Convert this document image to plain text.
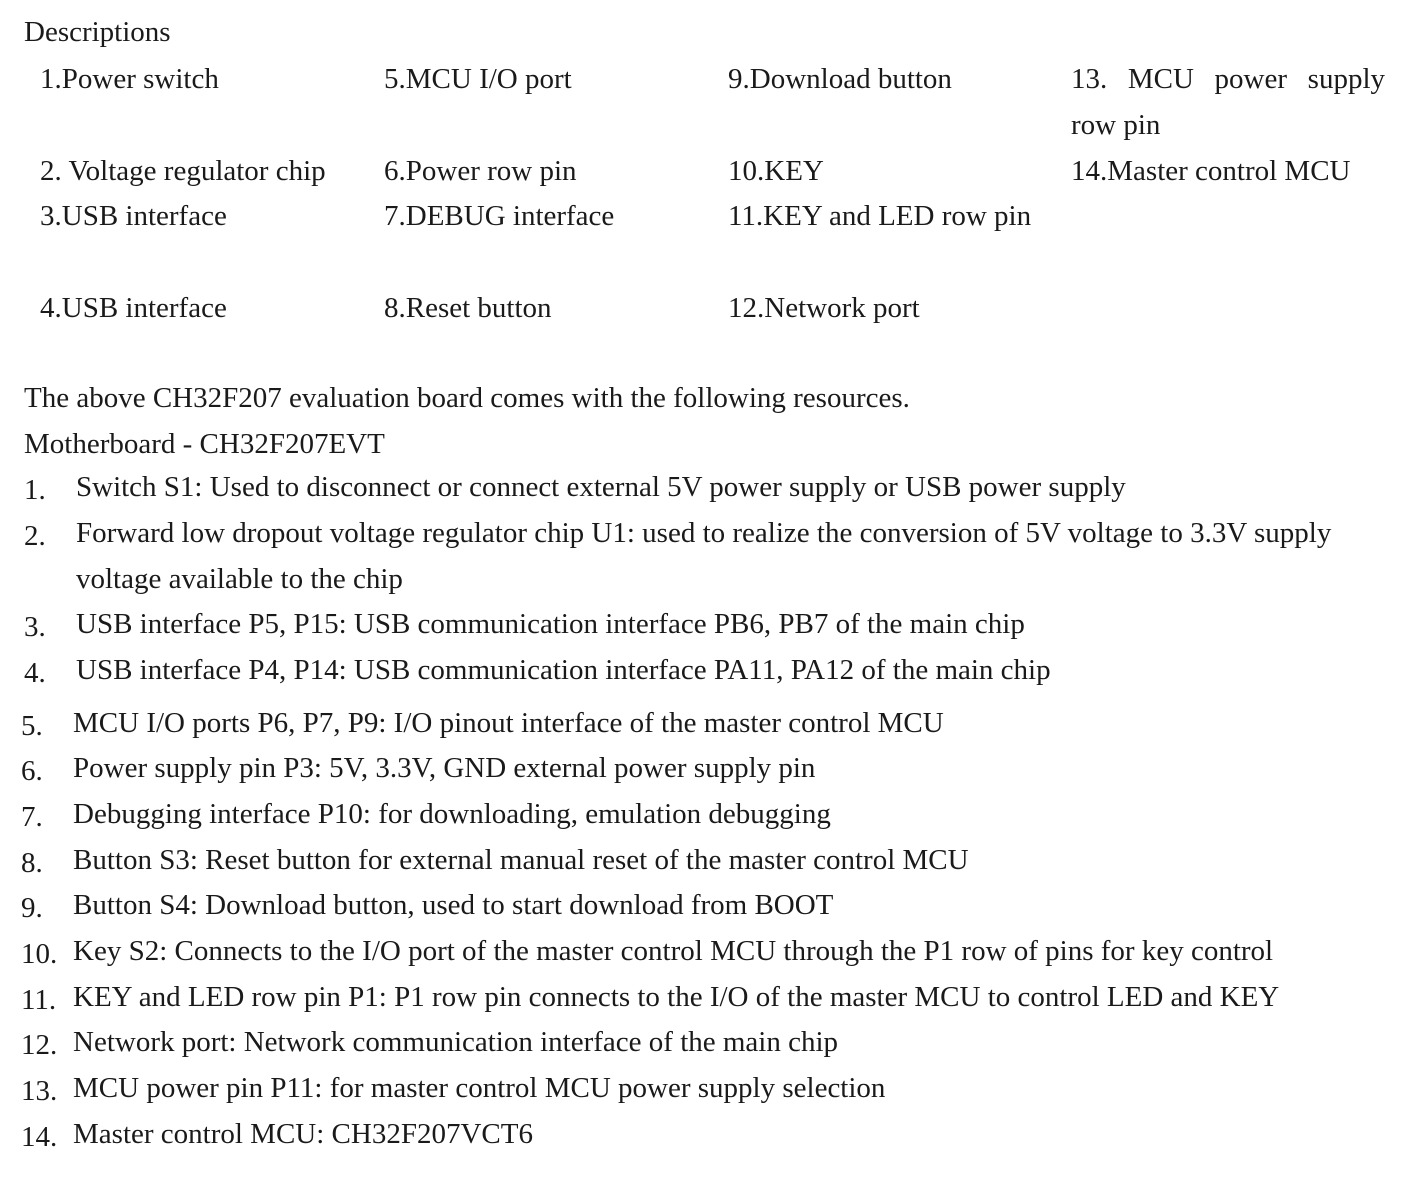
Descriptions
1.Power switch
2. Voltage regulator chip
3.USB interface
4.USB interface
5.MCU I/O port
6.Power row pin
7.DEBUG interface
8.Reset button
9.Download button
10.KEY
11.KEY and LED row pin
12.Network port
13. MCU power supply row pin
14.Master control MCU
The above CH32F207 evaluation board comes with the following resources.
Motherboard - CH32F207EVT
1. Switch S1: Used to disconnect or connect external 5V power supply or USB power supply
2. Forward low dropout voltage regulator chip U1: used to realize the conversion of 5V voltage to 3.3V supply voltage available to the chip
3. USB interface P5, P15: USB communication interface PB6, PB7 of the main chip
4. USB interface P4, P14: USB communication interface PA11, PA12 of the main chip
5. MCU I/O ports P6, P7, P9: I/O pinout interface of the master control MCU
6. Power supply pin P3: 5V, 3.3V, GND external power supply pin
7. Debugging interface P10: for downloading, emulation debugging
8. Button S3: Reset button for external manual reset of the master control MCU
9. Button S4: Download button, used to start download from BOOT
10. Key S2: Connects to the I/O port of the master control MCU through the P1 row of pins for key control
11. KEY and LED row pin P1: P1 row pin connects to the I/O of the master MCU to control LED and KEY
12. Network port: Network communication interface of the main chip
13. MCU power pin P11: for master control MCU power supply selection
14. Master control MCU: CH32F207VCT6
